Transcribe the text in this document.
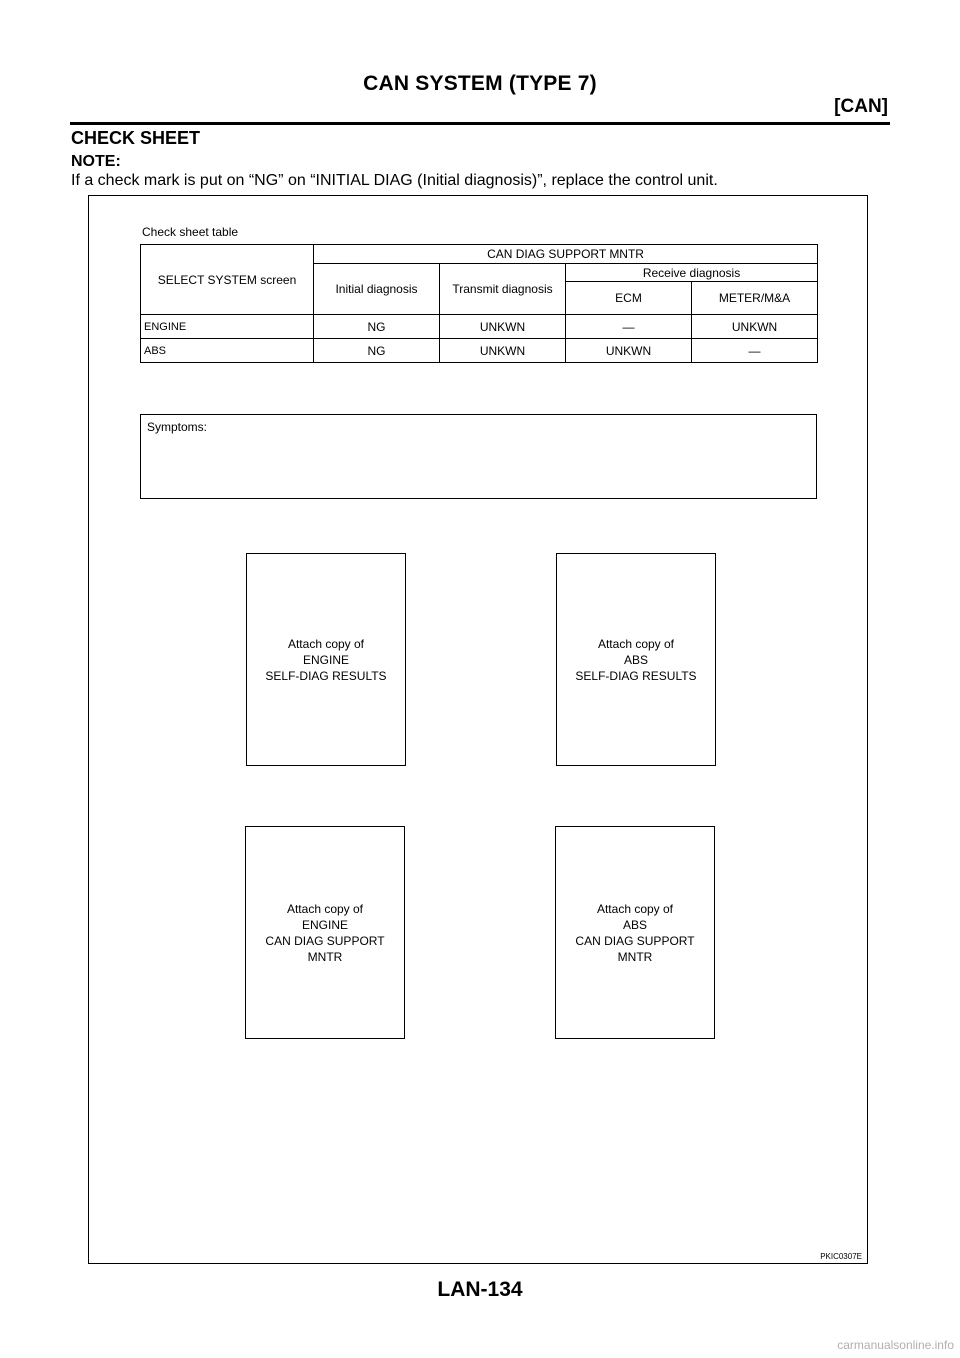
CAN SYSTEM (TYPE 7)
[CAN]
CHECK SHEET
NOTE:
If a check mark is put on “NG” on “INITIAL DIAG (Initial diagnosis)”, replace the control unit.
Check sheet table
SELECT SYSTEM screen	CAN DIAG SUPPORT MNTR			
	Initial diagnosis	Transmit diagnosis	Receive diagnosis	
			ECM	METER/M&A
ENGINE	NG	UNKWN	—	UNKWN
ABS	NG	UNKWN	UNKWN	—
Symptoms:
Attach copy of
ENGINE
SELF-DIAG RESULTS
Attach copy of
ABS
SELF-DIAG RESULTS
Attach copy of
ENGINE
CAN DIAG SUPPORT
MNTR
Attach copy of
ABS
CAN DIAG SUPPORT
MNTR
PKIC0307E
LAN-134
carmanualsonline.info
